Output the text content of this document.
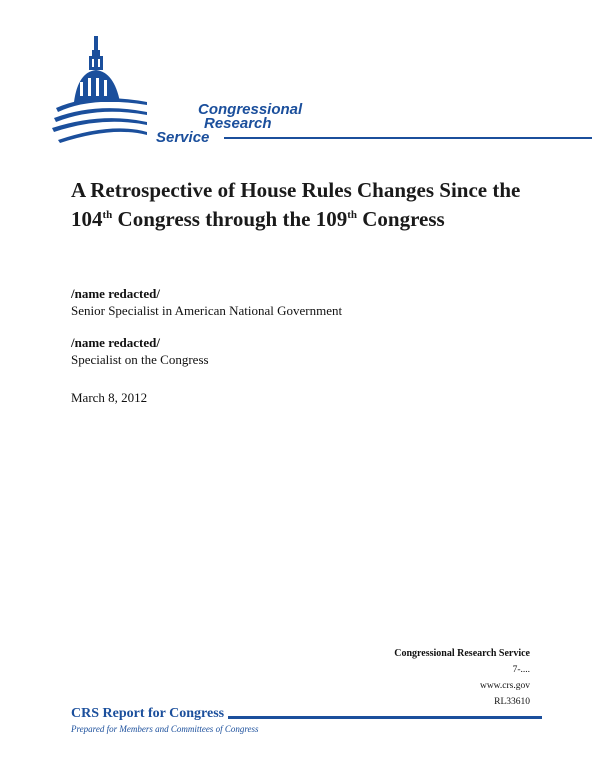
Congressional
Research
Service
A Retrospective of House Rules Changes Since the 104th Congress through the 109th Congress
/name redacted/
Senior Specialist in American National Government
/name redacted/
Specialist on the Congress
March 8, 2012
Congressional Research Service
7-....
www.crs.gov
RL33610
CRS Report for Congress
Prepared for Members and Committees of Congress
